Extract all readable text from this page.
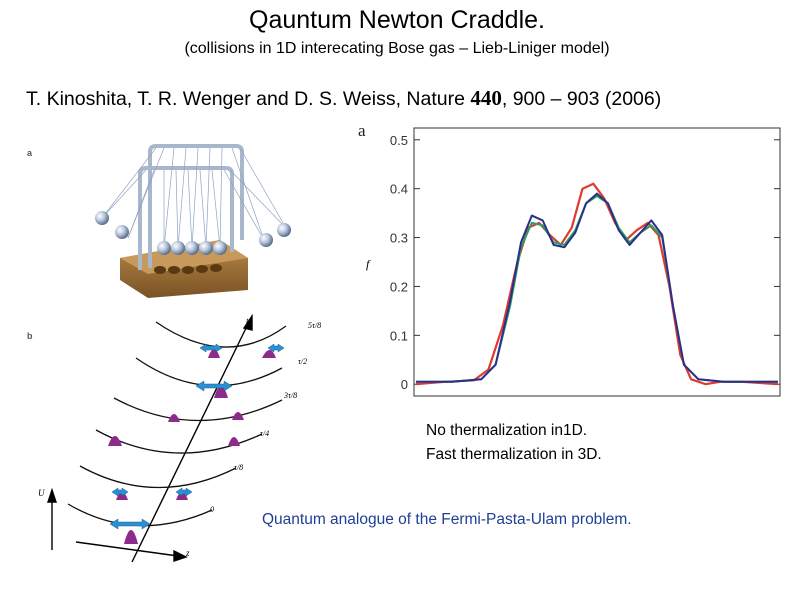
Qauntum Newton Craddle.
(collisions in 1D interecating Bose gas – Lieb-Liniger model)
T. Kinoshita, T. R. Wenger and D. S. Weiss, Nature 440, 900 – 903 (2006)
a
b
U
z
t	5τ/8
τ/2
3τ/8
τ/4
τ/8
0
a
f
0.5
0.4
0.3
0.2
0.1
0
No thermalization in1D.
Fast thermalization in 3D.
Quantum analogue of the Fermi-Pasta-Ulam problem.
